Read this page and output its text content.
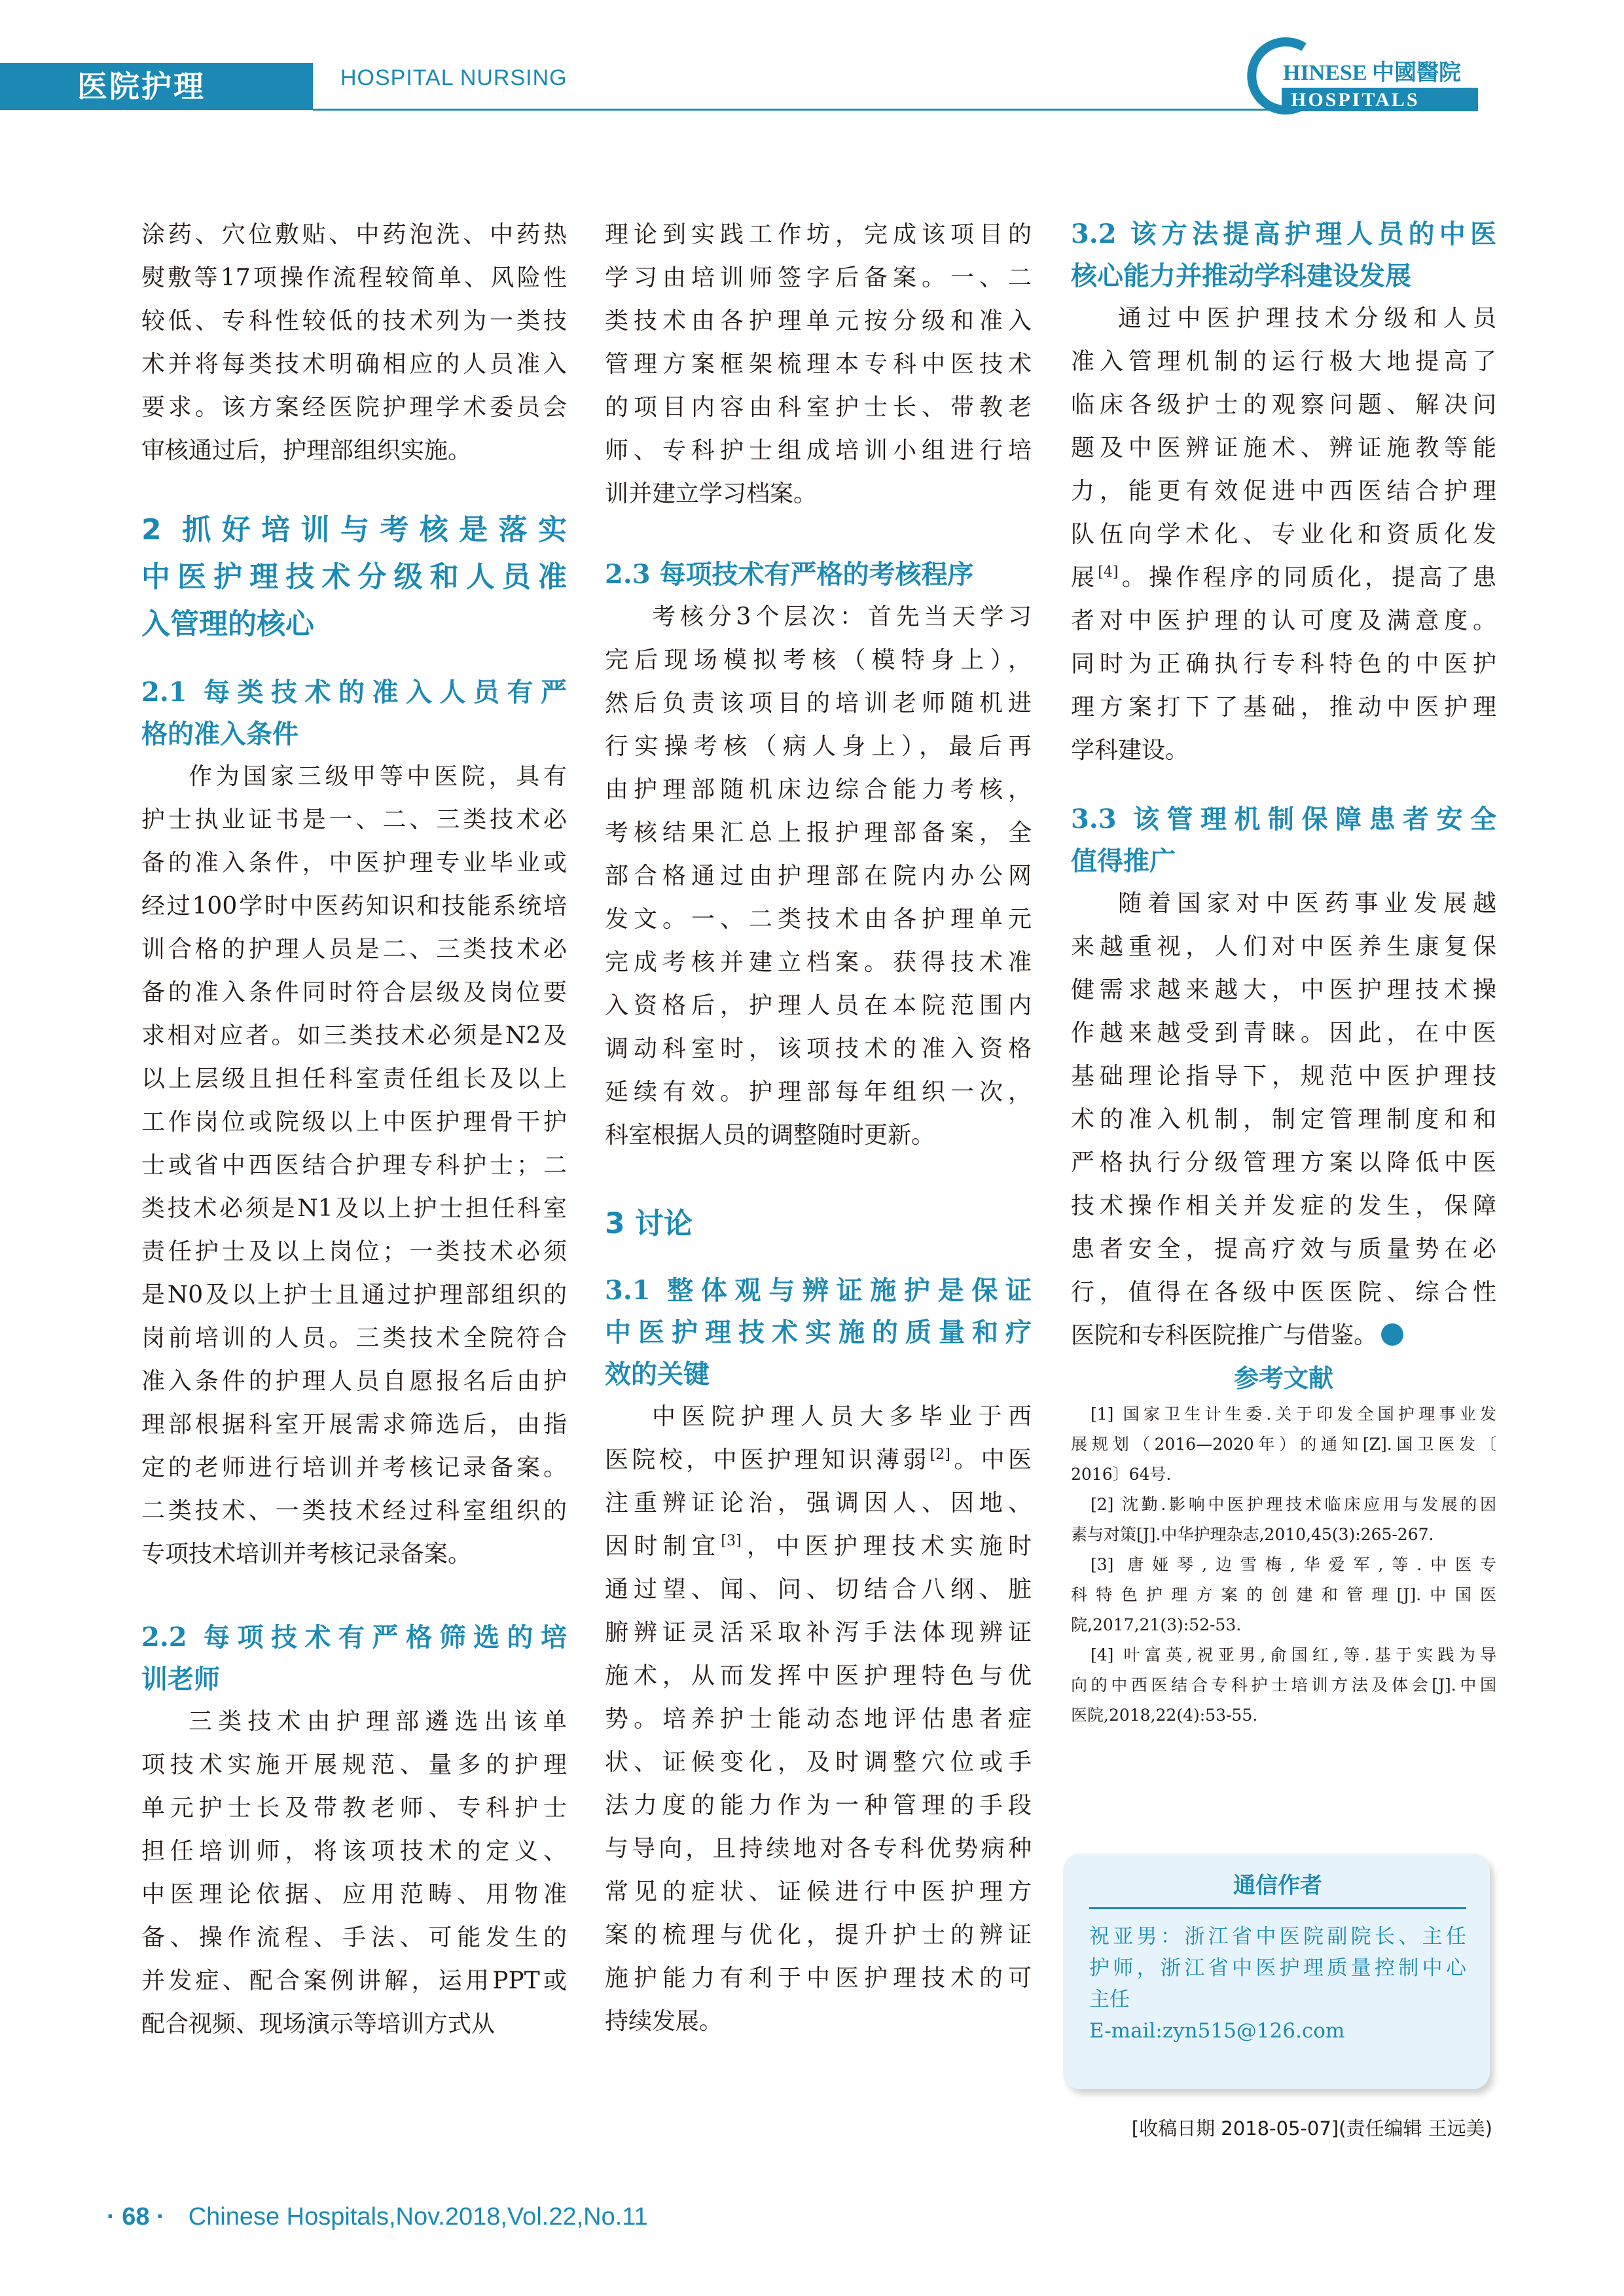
医院护理	HOSPITAL NURSING	HINESE 中國醫院
HOSPITALS

涂药、穴位敷贴、中药泡洗、中药热

熨敷等17项操作流程较简单、风险性

较低、专科性较低的技术列为一类技

术并将每类技术明确相应的人员准入

要求。该方案经医院护理学术委员会

审核通过后，护理部组织实施。

2 抓好培训与考核是落实

中医护理技术分级和人员准

入管理的核心

2.1 每类技术的准入人员有严

格的准入条件

作为国家三级甲等中医院，具有

护士执业证书是一、二、三类技术必

备的准入条件，中医护理专业毕业或

经过100学时中医药知识和技能系统培

训合格的护理人员是二、三类技术必

备的准入条件同时符合层级及岗位要

求相对应者。如三类技术必须是N2及

以上层级且担任科室责任组长及以上

工作岗位或院级以上中医护理骨干护

士或省中西医结合护理专科护士；二

类技术必须是N1及以上护士担任科室

责任护士及以上岗位；一类技术必须

是N0及以上护士且通过护理部组织的

岗前培训的人员。三类技术全院符合

准入条件的护理人员自愿报名后由护

理部根据科室开展需求筛选后，由指

定的老师进行培训并考核记录备案。

二类技术、一类技术经过科室组织的

专项技术培训并考核记录备案。

2.2 每项技术有严格筛选的培

训老师

三类技术由护理部遴选出该单

项技术实施开展规范、量多的护理

单元护士长及带教老师、专科护士

担任培训师，将该项技术的定义、

中医理论依据、应用范畴、用物准

备、操作流程、手法、可能发生的

并发症、配合案例讲解，运用PPT或

配合视频、现场演示等培训方式从

理论到实践工作坊，完成该项目的

学习由培训师签字后备案。一、二

类技术由各护理单元按分级和准入

管理方案框架梳理本专科中医技术

的项目内容由科室护士长、带教老

师、专科护士组成培训小组进行培

训并建立学习档案。

2.3 每项技术有严格的考核程序

考核分3个层次：首先当天学习

完后现场模拟考核（模特身上），

然后负责该项目的培训老师随机进

行实操考核（病人身上），最后再

由护理部随机床边综合能力考核，

考核结果汇总上报护理部备案，全

部合格通过由护理部在院内办公网

发文。一、二类技术由各护理单元

完成考核并建立档案。获得技术准

入资格后，护理人员在本院范围内

调动科室时，该项技术的准入资格

延续有效。护理部每年组织一次，

科室根据人员的调整随时更新。

3 讨论

3.1 整体观与辨证施护是保证

中医护理技术实施的质量和疗

效的关键

中医院护理人员大多毕业于西

医院校，中医护理知识薄弱[2]。中医

注重辨证论治，强调因人、因地、

因时制宜[3]，中医护理技术实施时

通过望、闻、问、切结合八纲、脏

腑辨证灵活采取补泻手法体现辨证

施术，从而发挥中医护理特色与优

势。培养护士能动态地评估患者症

状、证候变化，及时调整穴位或手

法力度的能力作为一种管理的手段

与导向，且持续地对各专科优势病种

常见的症状、证候进行中医护理方

案的梳理与优化，提升护士的辨证

施护能力有利于中医护理技术的可

持续发展。

3.2 该方法提高护理人员的中医

核心能力并推动学科建设发展

通过中医护理技术分级和人员

准入管理机制的运行极大地提高了

临床各级护士的观察问题、解决问

题及中医辨证施术、辨证施教等能

力，能更有效促进中西医结合护理

队伍向学术化、专业化和资质化发

展[4]。操作程序的同质化，提高了患

者对中医护理的认可度及满意度。

同时为正确执行专科特色的中医护

理方案打下了基础，推动中医护理

学科建设。

3.3 该管理机制保障患者安全

值得推广

随着国家对中医药事业发展越

来越重视，人们对中医养生康复保

健需求越来越大，中医护理技术操

作越来越受到青睐。因此，在中医

基础理论指导下，规范中医护理技

术的准入机制，制定管理制度和和

严格执行分级管理方案以降低中医

技术操作相关并发症的发生，保障

患者安全，提高疗效与质量势在必

行，值得在各级中医医院、综合性

医院和专科医院推广与借鉴。

参考文献

[1] 国家卫生计生委.关于印发全国护理事业发

展规划（2016—2020年）的通知[Z].国卫医发〔

2016〕64号.

[2] 沈勤.影响中医护理技术临床应用与发展的因

素与对策[J].中华护理杂志,2010,45(3):265-267.

[3] 唐娅琴,边雪梅,华爱军,等.中医专

科特色护理方案的创建和管理[J].中国医

院,2017,21(3):52-53.

[4] 叶富英,祝亚男,俞国红,等.基于实践为导

向的中西医结合专科护士培训方法及体会[J].中国

医院,2018,22(4):53-55.

通信作者

祝亚男：浙江省中医院副院长、主任

护师，浙江省中医护理质量控制中心

主任

E-mail:zyn515@126.com

[收稿日期 2018-05-07](责任编辑 王远美)
· 68 · Chinese Hospitals,Nov.2018,Vol.22,No.11
